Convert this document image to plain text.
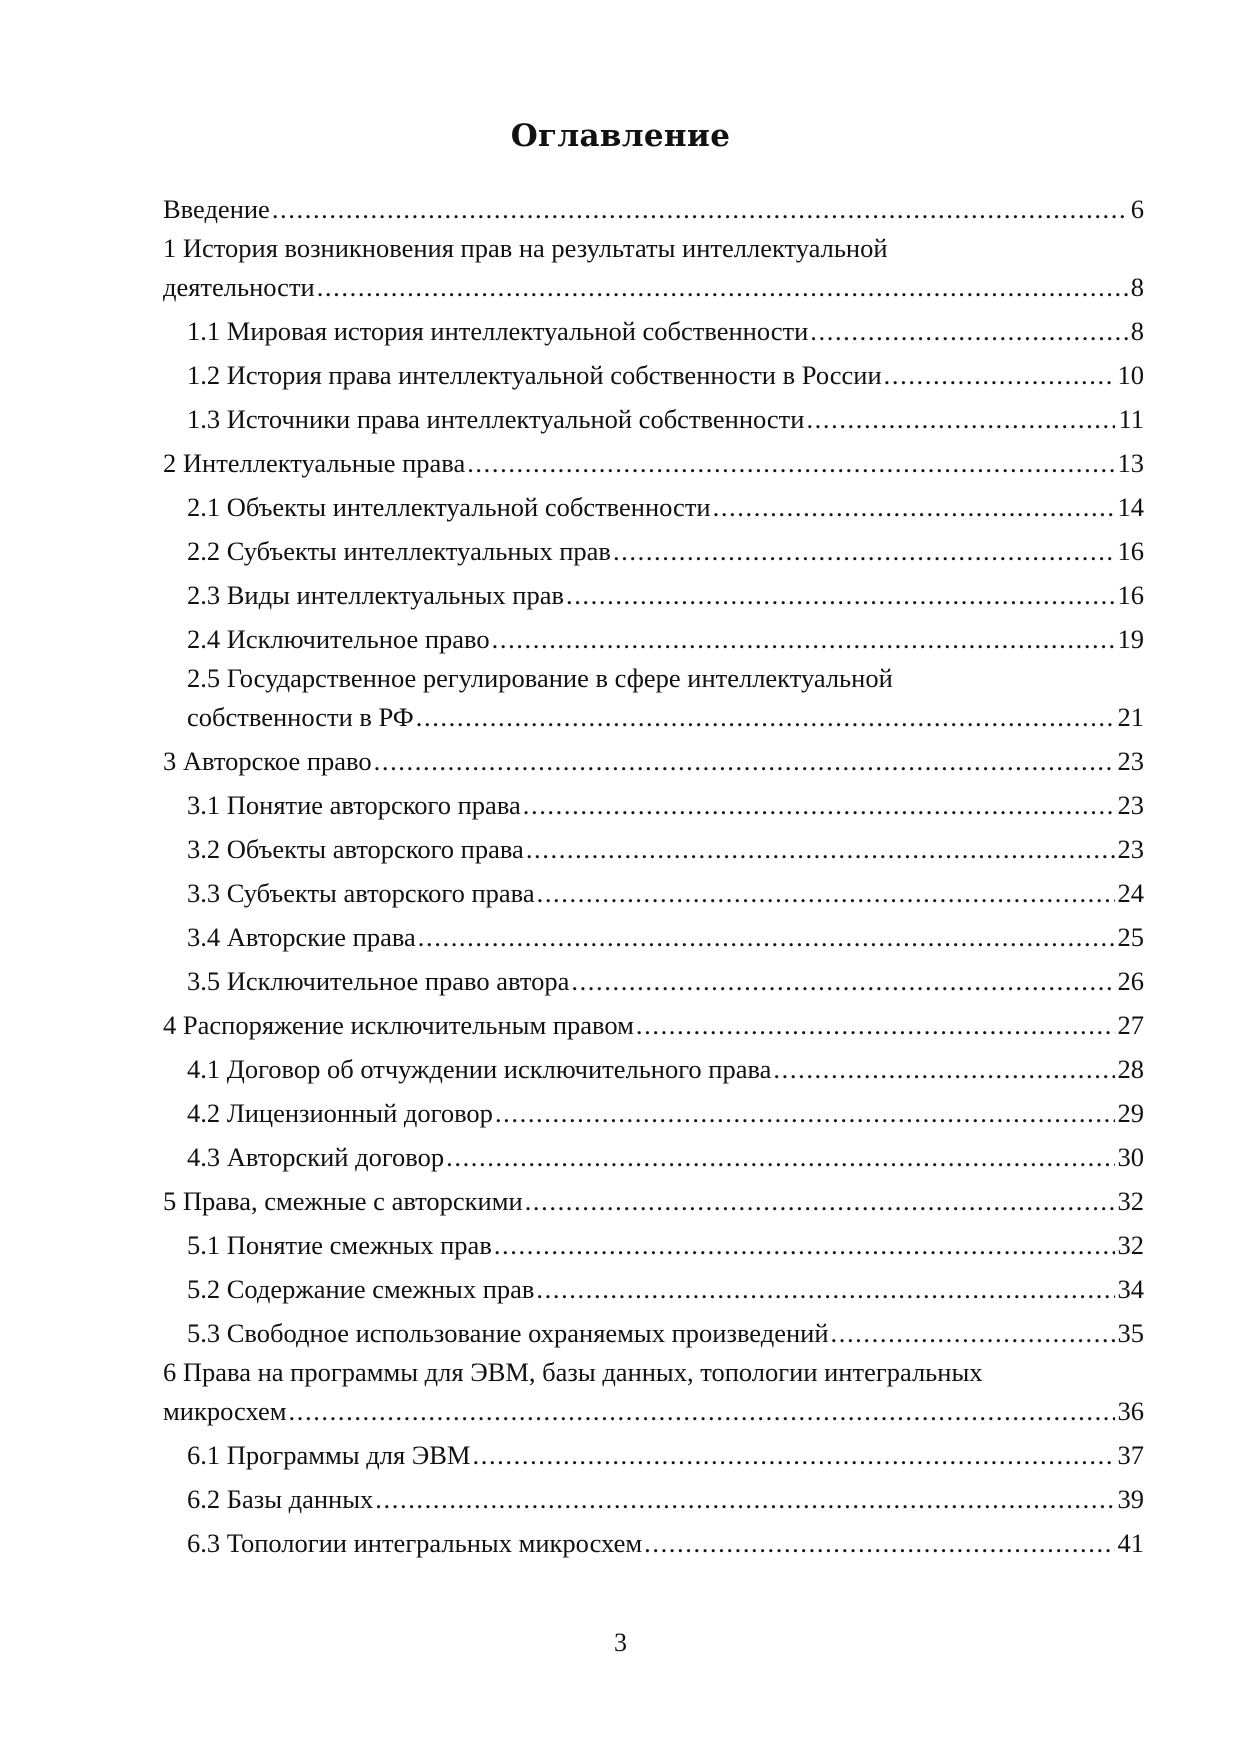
Оглавление
Введение .....	6
1 История возникновения прав на результаты интеллектуальной
деятельности .....	8
1.1 Мировая история интеллектуальной собственности .....	8
1.2 История права интеллектуальной собственности в России .....	10
1.3 Источники права интеллектуальной собственности .....	11
2 Интеллектуальные права .....	13
2.1 Объекты интеллектуальной собственности .....	14
2.2 Субъекты интеллектуальных прав .....	16
2.3 Виды интеллектуальных прав .....	16
2.4 Исключительное право .....	19
2.5 Государственное регулирование в сфере интеллектуальной
собственности в РФ .....	21
3 Авторское право .....	23
3.1 Понятие авторского права .....	23
3.2 Объекты авторского права .....	23
3.3 Субъекты авторского права .....	24
3.4 Авторские права .....	25
3.5 Исключительное право автора .....	26
4 Распоряжение исключительным правом .....	27
4.1 Договор об отчуждении исключительного права .....	28
4.2 Лицензионный договор .....	29
4.3 Авторский договор .....	30
5 Права, смежные с авторскими .....	32
5.1 Понятие смежных прав .....	32
5.2 Содержание смежных прав .....	34
5.3 Свободное использование охраняемых произведений .....	35
6 Права на программы для ЭВМ, базы данных, топологии интегральных
микросхем .....	36
6.1 Программы для ЭВМ .....	37
6.2 Базы данных .....	39
6.3 Топологии интегральных микросхем .....	41
3
